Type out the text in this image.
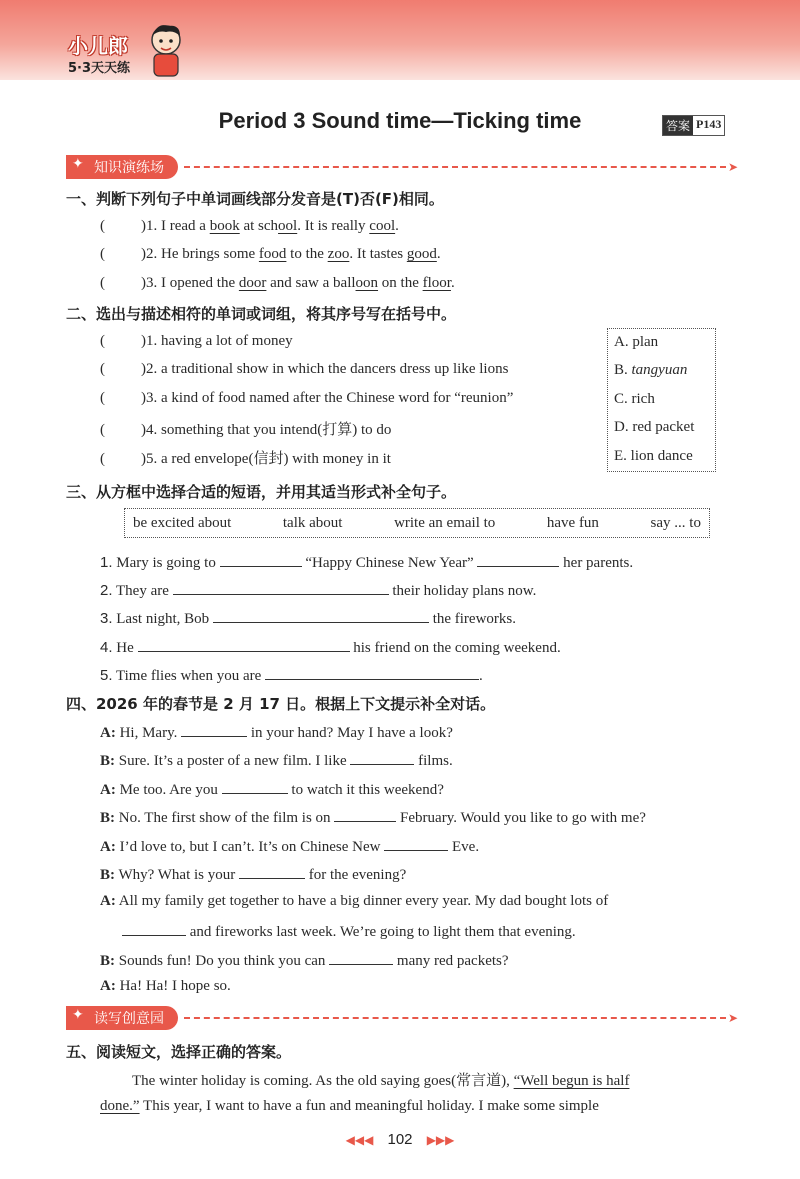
小儿郎
5·3天天练
Period 3 Sound time—Ticking time	答案 P143
✦ 知识演练场	➤
一、判断下列句子中单词画线部分发音是(T)否(F)相同。
( )1. I read a book at school. It is really cool.
( )2. He brings some food to the zoo. It tastes good.
( )3. I opened the door and saw a balloon on the floor.
二、选出与描述相符的单词或词组，将其序号写在括号中。
( )1. having a lot of money
( )2. a traditional show in which the dancers dress up like lions
( )3. a kind of food named after the Chinese word for “reunion”
( )4. something that you intend(打算) to do
( )5. a red envelope(信封) with money in it
A. plan
B. tangyuan
C. rich
D. red packet
E. lion dance
三、从方框中选择合适的短语，并用其适当形式补全句子。
be excited about	talk about	write an email to	have fun	say ... to
1. Mary is going to	“Happy Chinese New Year”	her parents.
2. They are	their holiday plans now.
3. Last night, Bob	the fireworks.
4. He	his friend on the coming weekend.
5. Time flies when you are	.
四、2026 年的春节是 2 月 17 日。根据上下文提示补全对话。
A: Hi, Mary.	in your hand? May I have a look?
B: Sure. It’s a poster of a new film. I like	films.
A: Me too. Are you	to watch it this weekend?
B: No. The first show of the film is on	February. Would you like to go with me?
A: I’d love to, but I can’t. It’s on Chinese New	Eve.
B: Why? What is your	for the evening?
A: All my family get together to have a big dinner every year. My dad bought lots of
and fireworks last week. We’re going to light them that evening.
B: Sounds fun! Do you think you can	many red packets?
A: Ha! Ha! I hope so.
✦ 读写创意园	➤
五、阅读短文，选择正确的答案。
The winter holiday is coming. As the old saying goes(常言道), “Well begun is half
done.” This year, I want to have a fun and meaningful holiday. I make some simple
◀◀◀ 102 ▶▶▶
